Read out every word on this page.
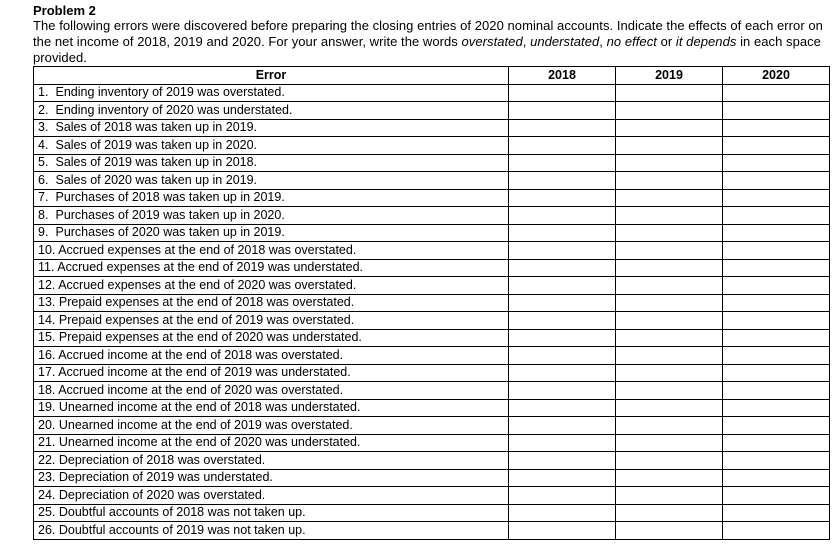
Problem 2

The following errors were discovered before preparing the closing entries of 2020 nominal accounts. Indicate the effects of each error on the net income of 2018, 2019 and 2020. For your answer, write the words overstated, understated, no effect or it depends in each space provided.

Error	2018	2019	2020
1. Ending inventory of 2019 was overstated.			
2. Ending inventory of 2020 was understated.			
3. Sales of 2018 was taken up in 2019.			
4. Sales of 2019 was taken up in 2020.			
5. Sales of 2019 was taken up in 2018.			
6. Sales of 2020 was taken up in 2019.			
7. Purchases of 2018 was taken up in 2019.			
8. Purchases of 2019 was taken up in 2020.			
9. Purchases of 2020 was taken up in 2019.			
10. Accrued expenses at the end of 2018 was overstated.			
11. Accrued expenses at the end of 2019 was understated.			
12. Accrued expenses at the end of 2020 was overstated.			
13. Prepaid expenses at the end of 2018 was overstated.			
14. Prepaid expenses at the end of 2019 was overstated.			
15. Prepaid expenses at the end of 2020 was understated.			
16. Accrued income at the end of 2018 was overstated.			
17. Accrued income at the end of 2019 was understated.			
18. Accrued income at the end of 2020 was overstated.			
19. Unearned income at the end of 2018 was understated.			
20. Unearned income at the end of 2019 was overstated.			
21. Unearned income at the end of 2020 was understated.			
22. Depreciation of 2018 was overstated.			
23. Depreciation of 2019 was understated.			
24. Depreciation of 2020 was overstated.			
25. Doubtful accounts of 2018 was not taken up.			
26. Doubtful accounts of 2019 was not taken up.			
